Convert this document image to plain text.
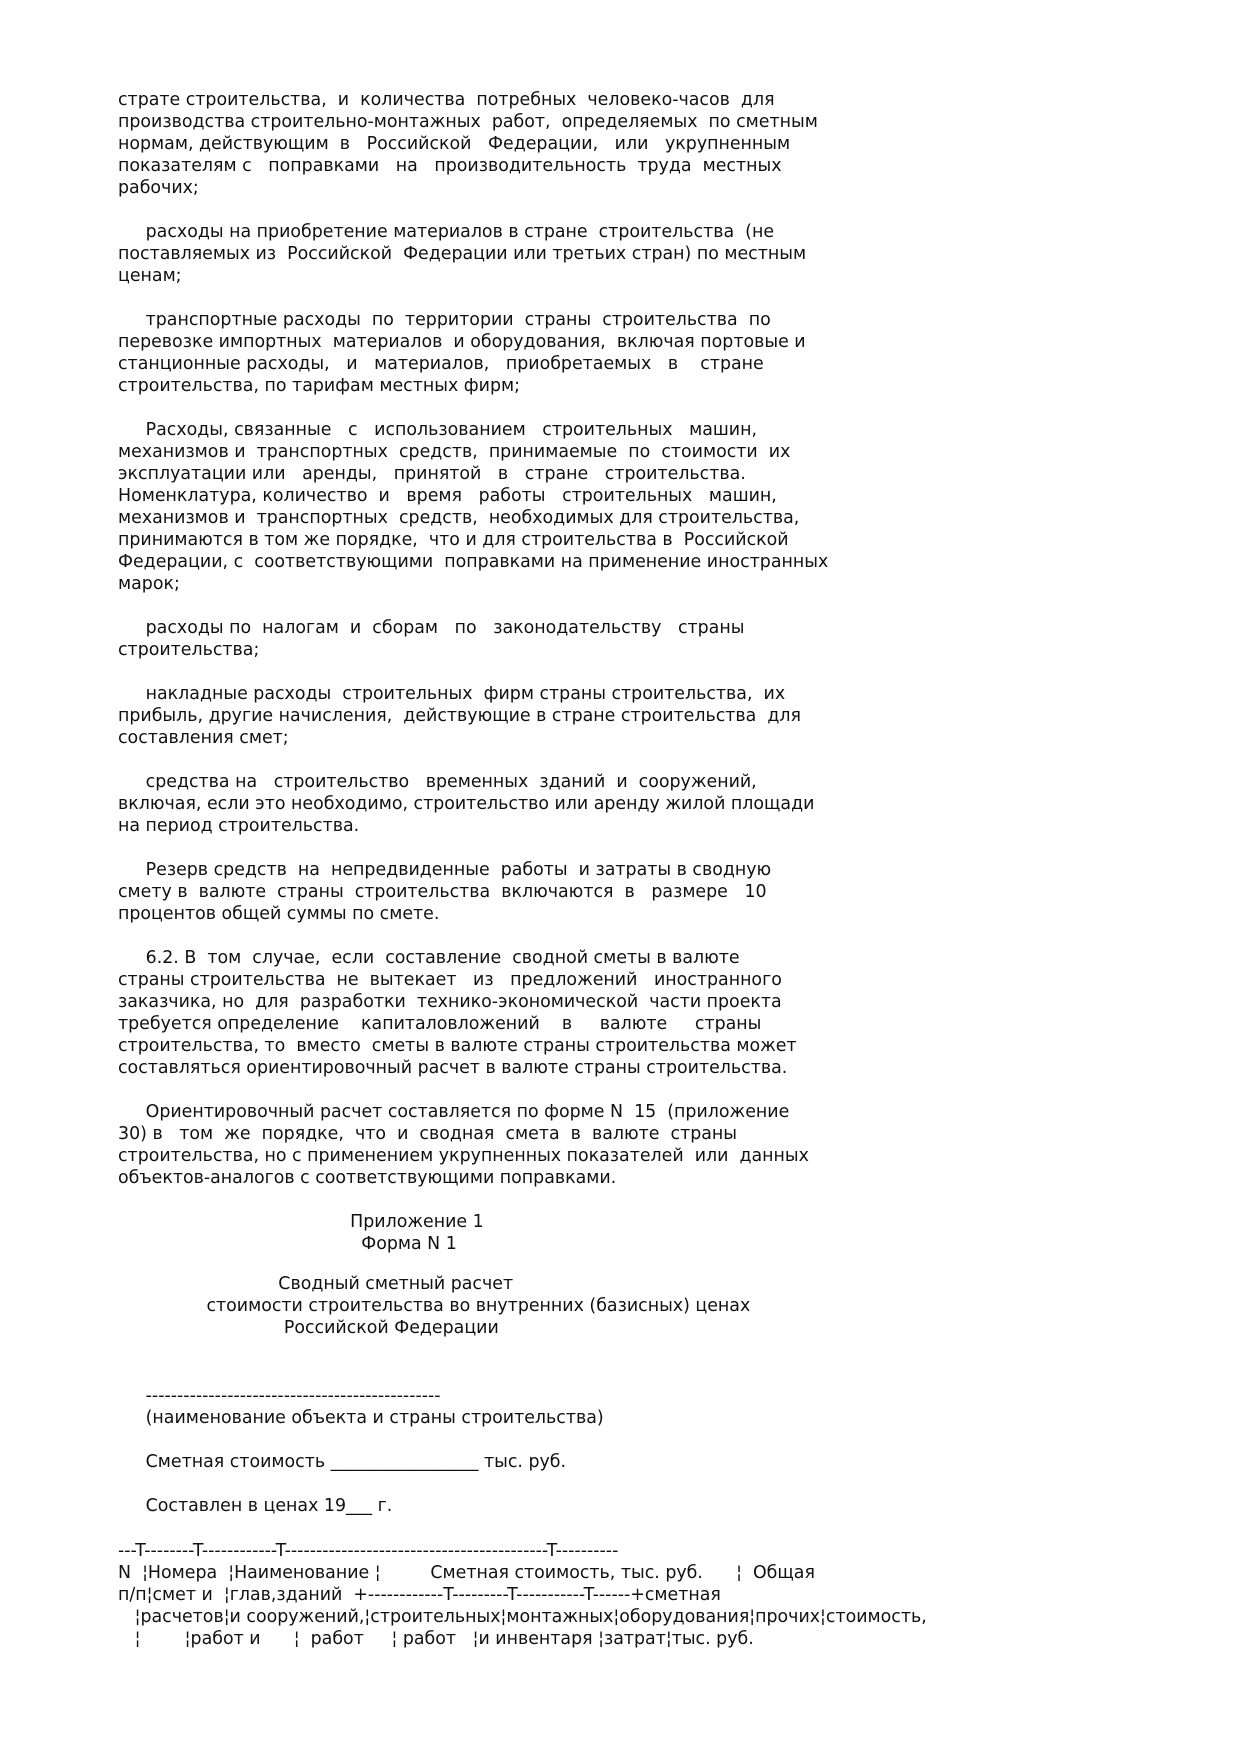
страте строительства,  и  количества  потребных  человеко-часов  для
производства строительно-монтажных  работ,  определяемых  по сметным
нормам, действующим  в   Российской   Федерации,   или   укрупненным
показателям с   поправками   на   производительность  труда  местных
рабочих;

расходы на приобретение материалов в стране  строительства  (не
поставляемых из  Российской  Федерации или третьих стран) по местным
ценам;

транспортные расходы  по  территории  страны  строительства  по
перевозке импортных  материалов  и оборудования,  включая портовые и
станционные расходы,   и   материалов,   приобретаемых   в    стране
строительства, по тарифам местных фирм;

Расходы, связанные   с   использованием   строительных   машин,
механизмов и  транспортных  средств,  принимаемые  по  стоимости  их
эксплуатации или   аренды,   принятой   в   стране   строительства.
Номенклатура, количество  и   время   работы   строительных   машин,
механизмов и  транспортных  средств,  необходимых для строительства,
принимаются в том же порядке,  что и для строительства в  Российской
Федерации, с  соответствующими  поправками на применение иностранных
марок;

расходы по  налогам  и  сборам   по   законодательству   страны
строительства;

накладные расходы  строительных  фирм страны строительства,  их
прибыль, другие начисления,  действующие в стране строительства  для
составления смет;

средства на   строительство   временных  зданий  и  сооружений,
включая, если это необходимо, строительство или аренду жилой площади
на период строительства.

Резерв средств  на  непредвиденные  работы  и затраты в сводную
смету в  валюте  страны  строительства  включаются  в   размере   10
процентов общей суммы по смете.

6.2. В  том  случае,  если  составление  сводной сметы в валюте
страны строительства  не  вытекает   из   предложений   иностранного
заказчика, но  для  разработки  технико-экономической  части проекта
требуется определение    капиталовложений    в     валюте     страны
строительства, то  вместо  сметы в валюте страны строительства может
составляться ориентировочный расчет в валюте страны строительства.

Ориентировочный расчет составляется по форме N  15  (приложение
30) в   том  же  порядке,  что  и  сводная  смета  в  валюте  страны
строительства, но с применением укрупненных показателей  или  данных
объектов-аналогов с соответствующими поправками.
Приложение 1
Форма N 1
Сводный сметный расчет
стоимости строительства во внутренних (базисных) ценах
Российской Федерации
-----------------------------------------------
(наименование объекта и страны строительства)

Сметная стоимость _________________ тыс. руб.

Составлен в ценах 19___ г.
---T--------T------------T------------------------------------------T----------
N  ¦Номера  ¦Наименование ¦         Сметная стоимость, тыс. руб.      ¦  Общая
п/п¦смет и  ¦глав,зданий  +------------T---------T-----------T------+сметная
¦расчетов¦и сооружений,¦строительных¦монтажных¦оборудования¦прочих¦стоимость,
¦        ¦работ и      ¦  работ     ¦ работ   ¦и инвентаря ¦затрат¦тыс. руб.
